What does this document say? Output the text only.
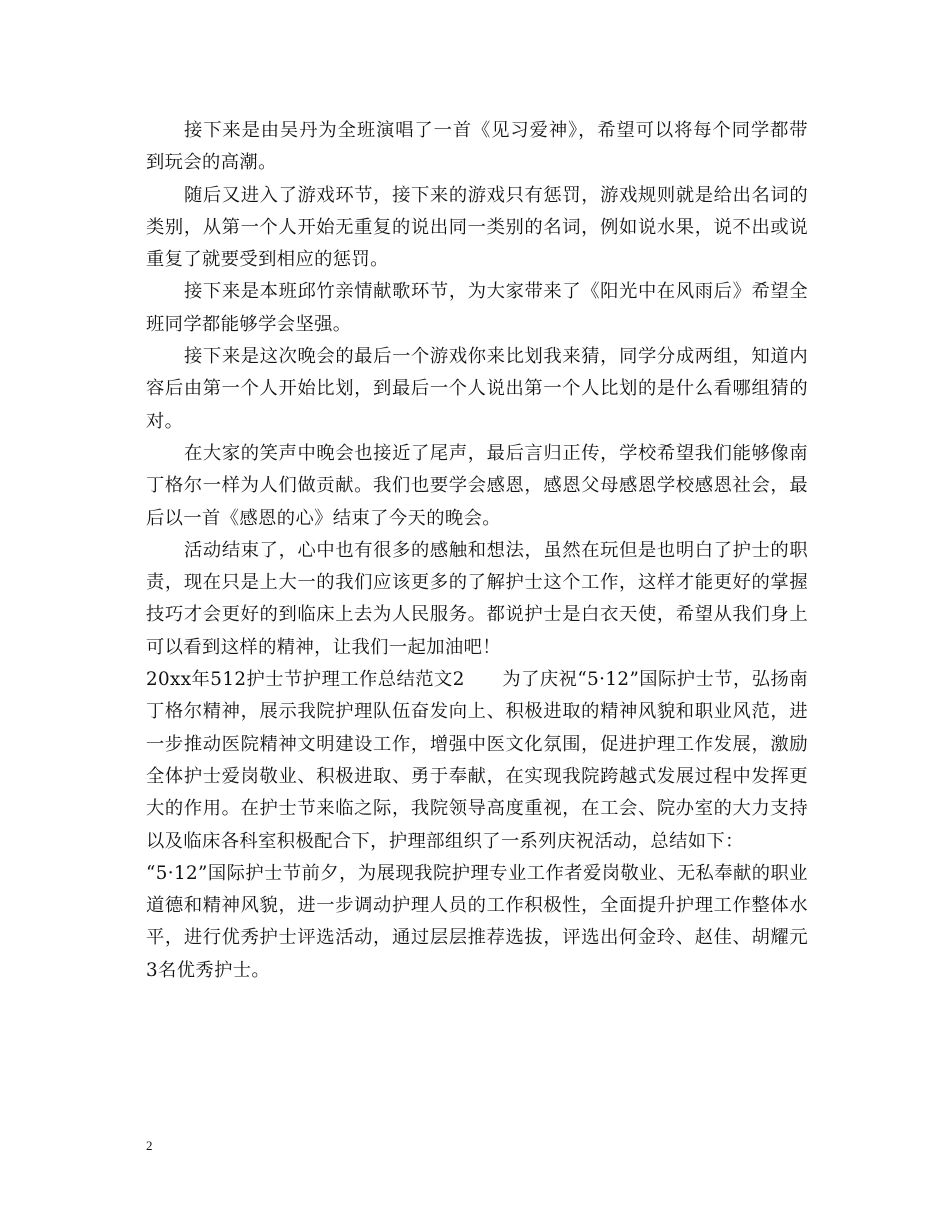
接下来是由吴丹为全班演唱了一首《见习爱神》，希望可以将每个同学都带到玩会的高潮。

随后又进入了游戏环节，接下来的游戏只有惩罚，游戏规则就是给出名词的类别，从第一个人开始无重复的说出同一类别的名词，例如说水果，说不出或说重复了就要受到相应的惩罚。

接下来是本班邱竹亲情献歌环节，为大家带来了《阳光中在风雨后》希望全班同学都能够学会坚强。

接下来是这次晚会的最后一个游戏你来比划我来猜，同学分成两组，知道内容后由第一个人开始比划，到最后一个人说出第一个人比划的是什么看哪组猜的对。

在大家的笑声中晚会也接近了尾声，最后言归正传，学校希望我们能够像南丁格尔一样为人们做贡献。我们也要学会感恩，感恩父母感恩学校感恩社会，最后以一首《感恩的心》结束了今天的晚会。

活动结束了，心中也有很多的感触和想法，虽然在玩但是也明白了护士的职责，现在只是上大一的我们应该更多的了解护士这个工作，这样才能更好的掌握技巧才会更好的到临床上去为人民服务。都说护士是白衣天使，希望从我们身上可以看到这样的精神，让我们一起加油吧！

20xx年512护士节护理工作总结范文2　　为了庆祝“5·12”国际护士节，弘扬南丁格尔精神，展示我院护理队伍奋发向上、积极进取的精神风貌和职业风范，进一步推动医院精神文明建设工作，增强中医文化氛围，促进护理工作发展，激励全体护士爱岗敬业、积极进取、勇于奉献，在实现我院跨越式发展过程中发挥更大的作用。在护士节来临之际，我院领导高度重视，在工会、院办室的大力支持以及临床各科室积极配合下，护理部组织了一系列庆祝活动，总结如下：

“5·12”国际护士节前夕，为展现我院护理专业工作者爱岗敬业、无私奉献的职业道德和精神风貌，进一步调动护理人员的工作积极性，全面提升护理工作整体水平，进行优秀护士评选活动，通过层层推荐选拔，评选出何金玲、赵佳、胡耀元3名优秀护士。

2
